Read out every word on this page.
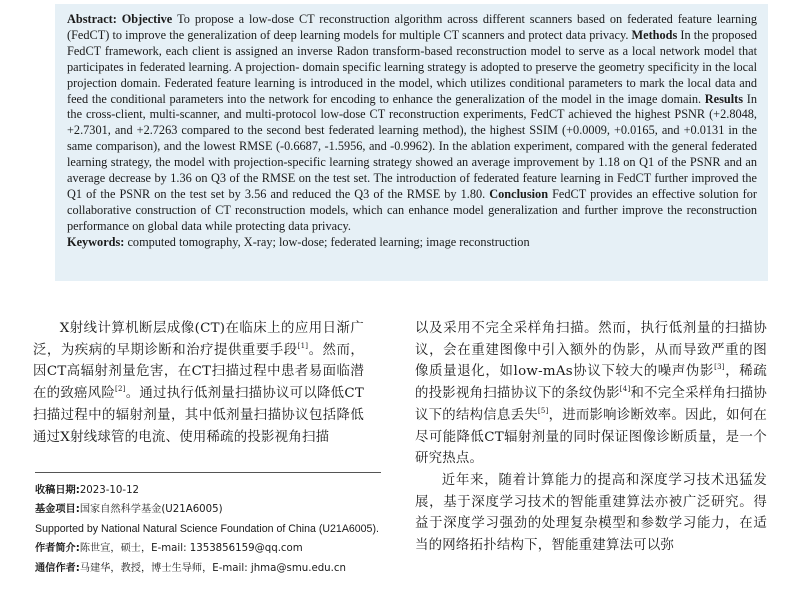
Abstract: Objective To propose a low-dose CT reconstruction algorithm across different scanners based on federated feature learning (FedCT) to improve the generalization of deep learning models for multiple CT scanners and protect data privacy. Methods In the proposed FedCT framework, each client is assigned an inverse Radon transform-based reconstruction model to serve as a local network model that participates in federated learning. A projection- domain specific learning strategy is adopted to preserve the geometry specificity in the local projection domain. Federated feature learning is introduced in the model, which utilizes conditional parameters to mark the local data and feed the conditional parameters into the network for encoding to enhance the generalization of the model in the image domain. Results In the cross-client, multi-scanner, and multi-protocol low-dose CT reconstruction experiments, FedCT achieved the highest PSNR (+2.8048, +2.7301, and +2.7263 compared to the second best federated learning method), the highest SSIM (+0.0009, +0.0165, and +0.0131 in the same comparison), and the lowest RMSE (-0.6687, -1.5956, and -0.9962). In the ablation experiment, compared with the general federated learning strategy, the model with projection-specific learning strategy showed an average improvement by 1.18 on Q1 of the PSNR and an average decrease by 1.36 on Q3 of the RMSE on the test set. The introduction of federated feature learning in FedCT further improved the Q1 of the PSNR on the test set by 3.56 and reduced the Q3 of the RMSE by 1.80. Conclusion FedCT provides an effective solution for collaborative construction of CT reconstruction models, which can enhance model generalization and further improve the reconstruction performance on global data while protecting data privacy.
Keywords: computed tomography, X-ray; low-dose; federated learning; image reconstruction

X射线计算机断层成像(CT)在临床上的应用日渐广泛，为疾病的早期诊断和治疗提供重要手段[1]。然而，因CT高辐射剂量危害，在CT扫描过程中患者易面临潜在的致癌风险[2]。通过执行低剂量扫描协议可以降低CT扫描过程中的辐射剂量，其中低剂量扫描协议包括降低通过X射线球管的电流、使用稀疏的投影视角扫描

收稿日期:2023-10-12
基金项目:国家自然科学基金(U21A6005)
Supported by National Natural Science Foundation of China (U21A6005).
作者简介:陈世宣，硕士，E-mail: 1353856159@qq.com
通信作者:马建华，教授，博士生导师，E-mail: jhma@smu.edu.cn

以及采用不完全采样角扫描。然而，执行低剂量的扫描协议，会在重建图像中引入额外的伪影，从而导致严重的图像质量退化，如low-mAs协议下较大的噪声伪影[3]，稀疏的投影视角扫描协议下的条纹伪影[4]和不完全采样角扫描协议下的结构信息丢失[5]，进而影响诊断效率。因此，如何在尽可能降低CT辐射剂量的同时保证图像诊断质量，是一个研究热点。

近年来，随着计算能力的提高和深度学习技术迅猛发展，基于深度学习技术的智能重建算法亦被广泛研究。得益于深度学习强劲的处理复杂模型和参数学习能力，在适当的网络拓扑结构下，智能重建算法可以弥
